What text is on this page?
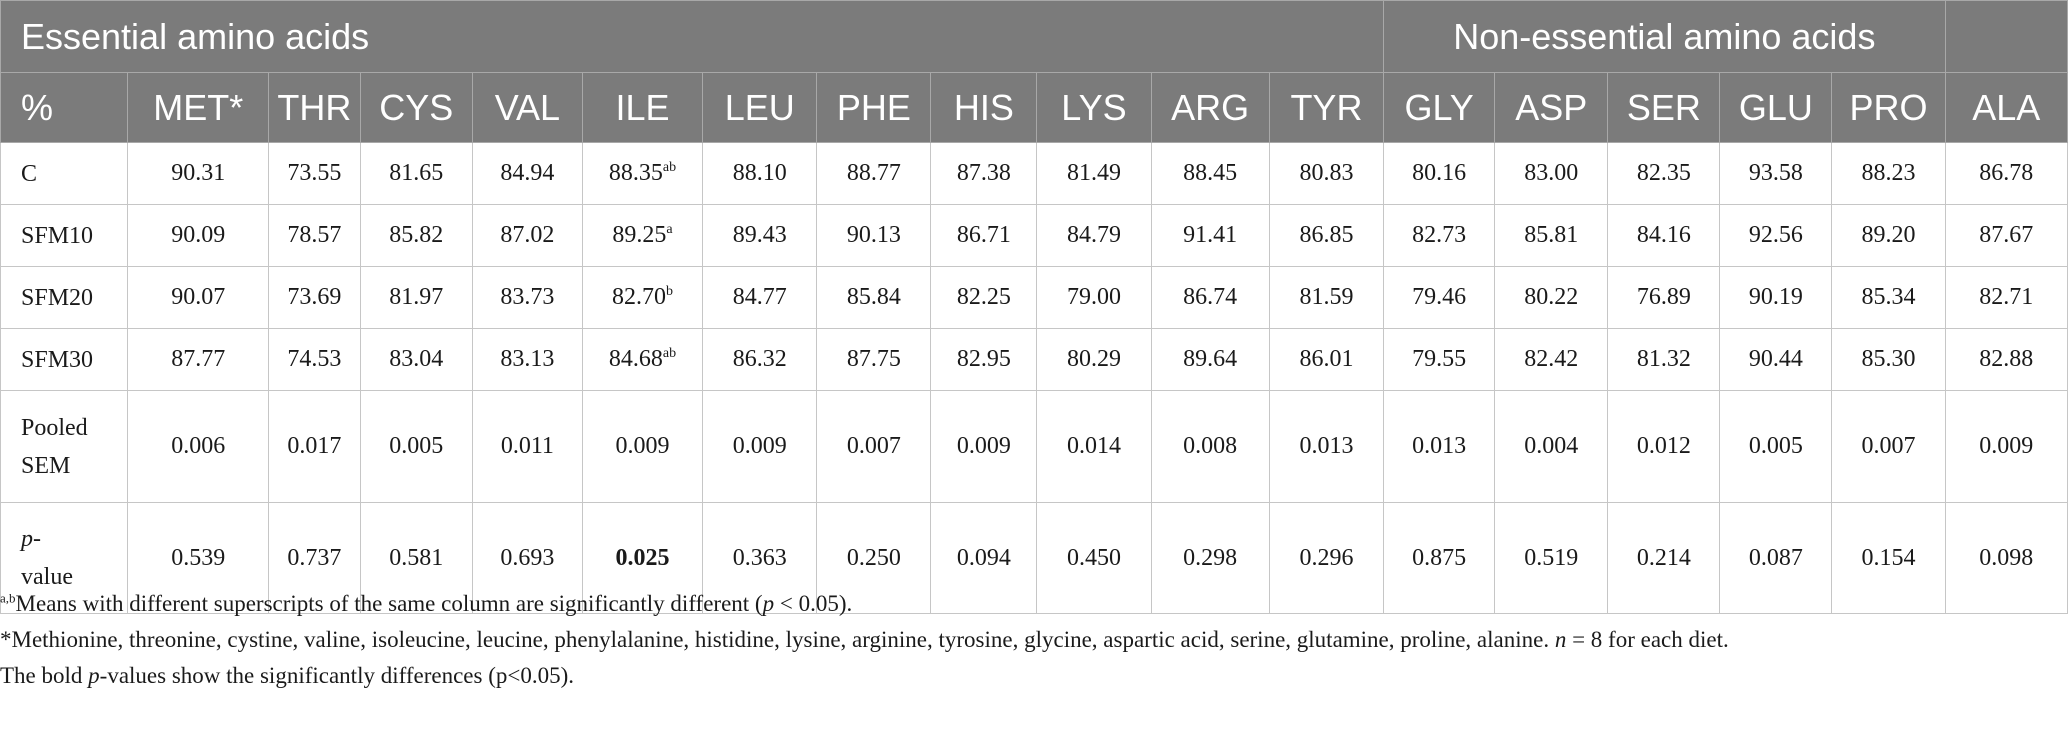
Essential amino acids												Non-essential amino acids					
%	MET*	THR	CYS	VAL	ILE	LEU	PHE	HIS	LYS	ARG	TYR	GLY	ASP	SER	GLU	PRO	ALA
C	90.31	73.55	81.65	84.94	88.35$^{ab}$	88.10	88.77	87.38	81.49	88.45	80.83	80.16	83.00	82.35	93.58	88.23	86.78
SFM10	90.09	78.57	85.82	87.02	89.25$^a$	89.43	90.13	86.71	84.79	91.41	86.85	82.73	85.81	84.16	92.56	89.20	87.67
SFM20	90.07	73.69	81.97	83.73	82.70$^b$	84.77	85.84	82.25	79.00	86.74	81.59	79.46	80.22	76.89	90.19	85.34	82.71
SFM30	87.77	74.53	83.04	83.13	84.68$^{ab}$	86.32	87.75	82.95	80.29	89.64	86.01	79.55	82.42	81.32	90.44	85.30	82.88
Pooled
SEM	0.006	0.017	0.005	0.011	0.009	0.009	0.007	0.009	0.014	0.008	0.013	0.013	0.004	0.012	0.005	0.007	0.009
p-
value	0.539	0.737	0.581	0.693	0.025	0.363	0.250	0.094	0.450	0.298	0.296	0.875	0.519	0.214	0.087	0.154	0.098

$^{a,b}$Means with different superscripts of the same column are significantly different (p < 0.05).

*Methionine, threonine, cystine, valine, isoleucine, leucine, phenylalanine, histidine, lysine, arginine, tyrosine, glycine, aspartic acid, serine, glutamine, proline, alanine. n = 8 for each diet.

The bold p-values show the significantly differences (p<0.05).
